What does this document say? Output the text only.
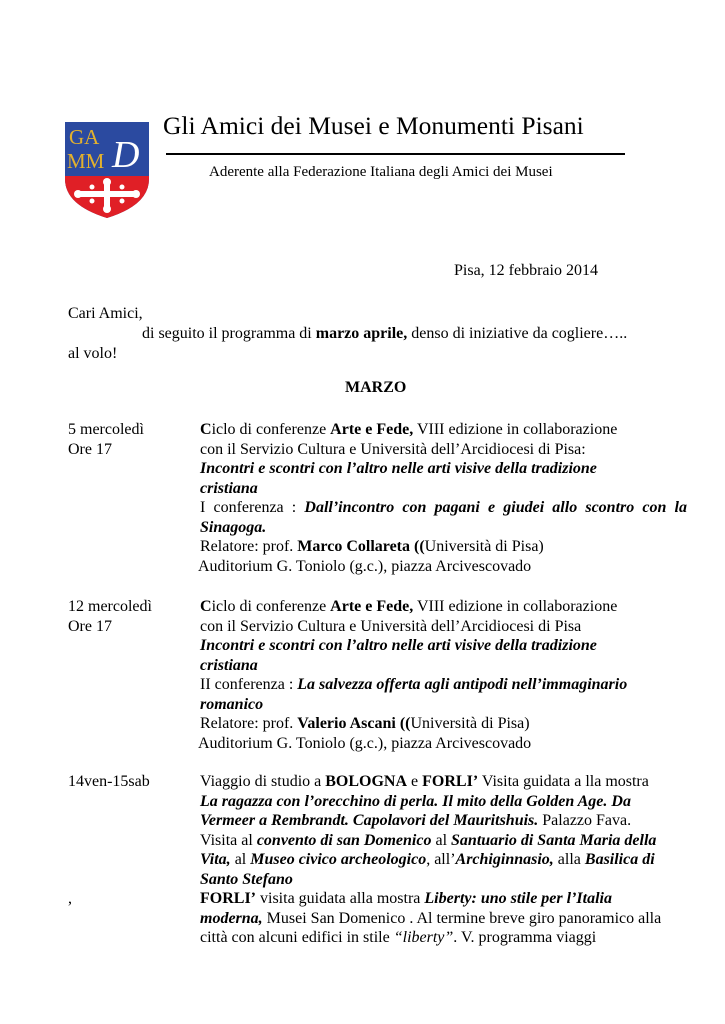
GA
MM D
Gli Amici dei Musei e Monumenti Pisani
Aderente alla Federazione Italiana degli Amici dei Musei
Pisa, 12 febbraio 2014
Cari Amici,
di seguito il programma di marzo aprile, denso di iniziative da cogliere…..
al volo!
MARZO
5 mercoledì
Ore 17

Ciclo di conferenze Arte e Fede, VIII edizione in collaborazione

con il Servizio Cultura e Università dell’Arcidiocesi di Pisa:

Incontri e scontri con l’altro nelle arti visive della tradizione cristiana

I conferenza : Dall’incontro con pagani e giudei allo scontro con la Sinagoga.

Relatore: prof. Marco Collareta ((Università di Pisa)

Auditorium G. Toniolo (g.c.), piazza Arcivescovado

12 mercoledì
Ore 17

Ciclo di conferenze Arte e Fede, VIII edizione in collaborazione

con il Servizio Cultura e Università dell’Arcidiocesi di Pisa

Incontri e scontri con l’altro nelle arti visive della tradizione cristiana

II conferenza : La salvezza offerta agli antipodi nell’immaginario romanico

Relatore: prof. Valerio Ascani ((Università di Pisa)

Auditorium G. Toniolo (g.c.), piazza Arcivescovado

14ven-15sab	Viaggio di studio a BOLOGNA e FORLI’ Visita guidata a lla mostra La ragazza con l’orecchino di perla. Il mito della Golden Age. Da Vermeer a Rembrandt. Capolavori del Mauritshuis. Palazzo Fava. Visita al convento di san Domenico al Santuario di Santa Maria della Vita, al Museo civico archeologico, all’Archiginnasio, alla Basilica di Santo Stefano

FORLI’ visita guidata alla mostra Liberty: uno stile per l’Italia moderna, Musei San Domenico . Al termine breve giro panoramico alla città con alcuni edifici in stile “liberty”. V. programma viaggi

,
